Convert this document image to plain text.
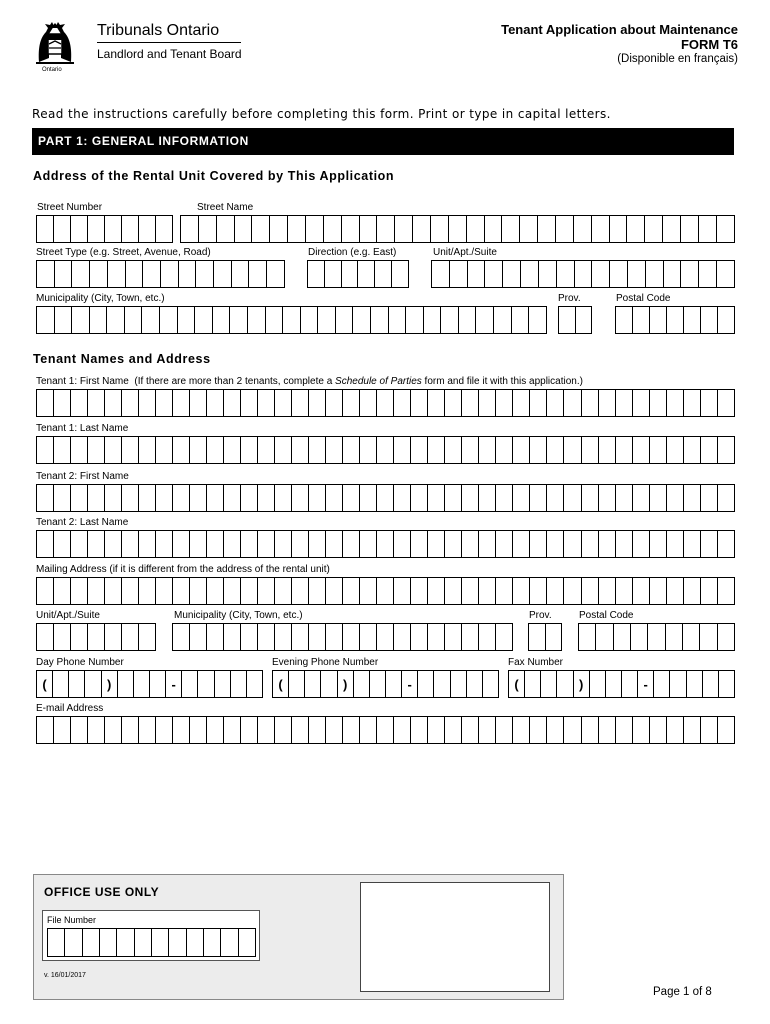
Ontario
Tribunals Ontario
Landlord and Tenant Board
Tenant Application about Maintenance
FORM T6
(Disponible en français)
Read the instructions carefully before completing this form. Print or type in capital letters.
PART 1: GENERAL INFORMATION
Address of the Rental Unit Covered by This Application
Street Number	Street Name
Street Type (e.g. Street, Avenue, Road)	Direction (e.g. East)	Unit/Apt./Suite
Municipality (City, Town, etc.)	Prov.	Postal Code
Tenant Names and Address
Tenant 1: First Name  (If there are more than 2 tenants, complete a Schedule of Parties form and file it with this application.)
Tenant 1: Last Name
Tenant 2: First Name
Tenant 2: Last Name
Mailing Address (if it is different from the address of the rental unit)
Unit/Apt./Suite	Municipality (City, Town, etc.)	Prov.	Postal Code
Day Phone Number	Evening Phone Number	Fax Number
(	)	-	(	)	-	(	)	-
E-mail Address
OFFICE USE ONLY
File Number
v. 16/01/2017
Page 1 of 8
